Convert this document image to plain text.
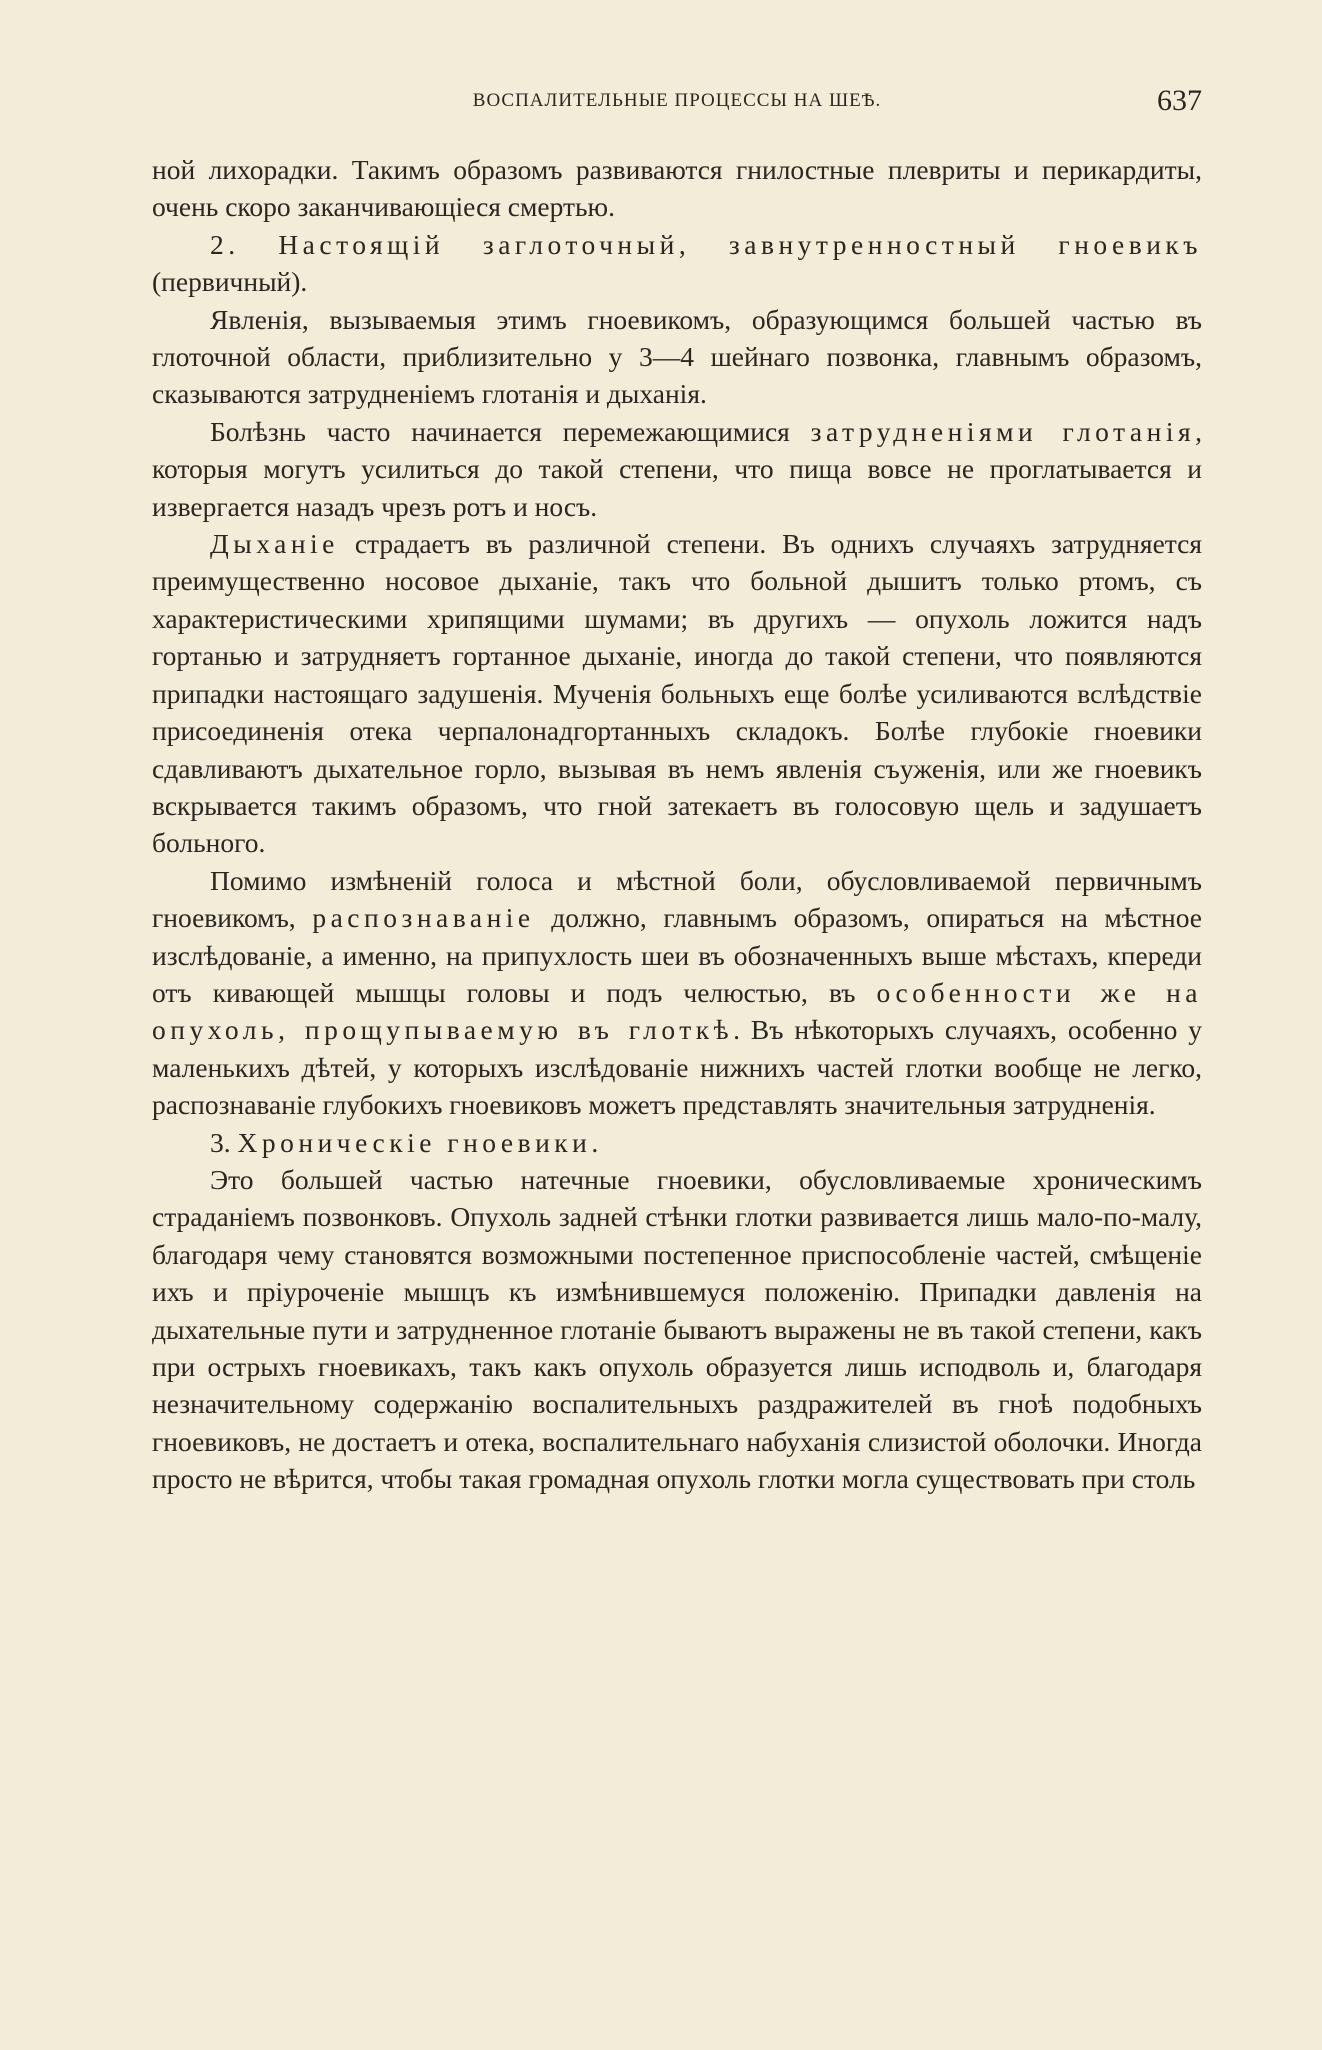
ВОСПАЛИТЕЛЬНЫЕ ПРОЦЕССЫ НА ШЕѢ.	637

ной лихорадки. Такимъ образомъ развиваются гнилостные плевриты и перикардиты, очень скоро заканчивающіеся смертью.

2. Настоящій заглоточный, завнутренностный гноевикъ (первичный).

Явленія, вызываемыя этимъ гноевикомъ, образующимся большей частью въ глоточной области, приблизительно у 3—4 шейнаго позвонка, главнымъ образомъ, сказываются затрудненіемъ глотанія и дыханія.

Болѣзнь часто начинается перемежающимися затрудненіями глотанія, которыя могутъ усилиться до такой степени, что пища вовсе не проглатывается и извергается назадъ чрезъ ротъ и носъ.

Дыханіе страдаетъ въ различной степени. Въ однихъ случаяхъ затрудняется преимущественно носовое дыханіе, такъ что больной дышитъ только ртомъ, съ характеристическими хрипящими шумами; въ другихъ — опухоль ложится надъ гортанью и затрудняетъ гортанное дыханіе, иногда до такой степени, что появляются припадки настоящаго задушенія. Мученія больныхъ еще болѣе усиливаются вслѣдствіе присоединенія отека черпалонадгортанныхъ складокъ. Болѣе глубокіе гноевики сдавливаютъ дыхательное горло, вызывая въ немъ явленія съуженія, или же гноевикъ вскрывается такимъ образомъ, что гной затекаетъ въ голосовую щель и задушаетъ больного.

Помимо измѣненій голоса и мѣстной боли, обусловливаемой первичнымъ гноевикомъ, распознаваніе должно, главнымъ образомъ, опираться на мѣстное изслѣдованіе, а именно, на припухлость шеи въ обозначенныхъ выше мѣстахъ, кпереди отъ кивающей мышцы головы и подъ челюстью, въ особенности же на опухоль, прощупываемую въ глоткѣ. Въ нѣкоторыхъ случаяхъ, особенно у маленькихъ дѣтей, у которыхъ изслѣдованіе нижнихъ частей глотки вообще не легко, распознаваніе глубокихъ гноевиковъ можетъ представлять значительныя затрудненія.

3. Хроническіе гноевики.

Это большей частью натечные гноевики, обусловливаемые хроническимъ страданіемъ позвонковъ. Опухоль задней стѣнки глотки развивается лишь мало-по-малу, благодаря чему становятся возможными постепенное приспособленіе частей, смѣщеніе ихъ и пріуроченіе мышцъ къ измѣнившемуся положенію. Припадки давленія на дыхательные пути и затрудненное глотаніе бываютъ выражены не въ такой степени, какъ при острыхъ гноевикахъ, такъ какъ опухоль образуется лишь исподволь и, благодаря незначительному содержанію воспалительныхъ раздражителей въ гноѣ подобныхъ гноевиковъ, не достаетъ и отека, воспалительнаго набуханія слизистой оболочки. Иногда просто не вѣрится, чтобы такая громадная опухоль глотки могла существовать при столь
